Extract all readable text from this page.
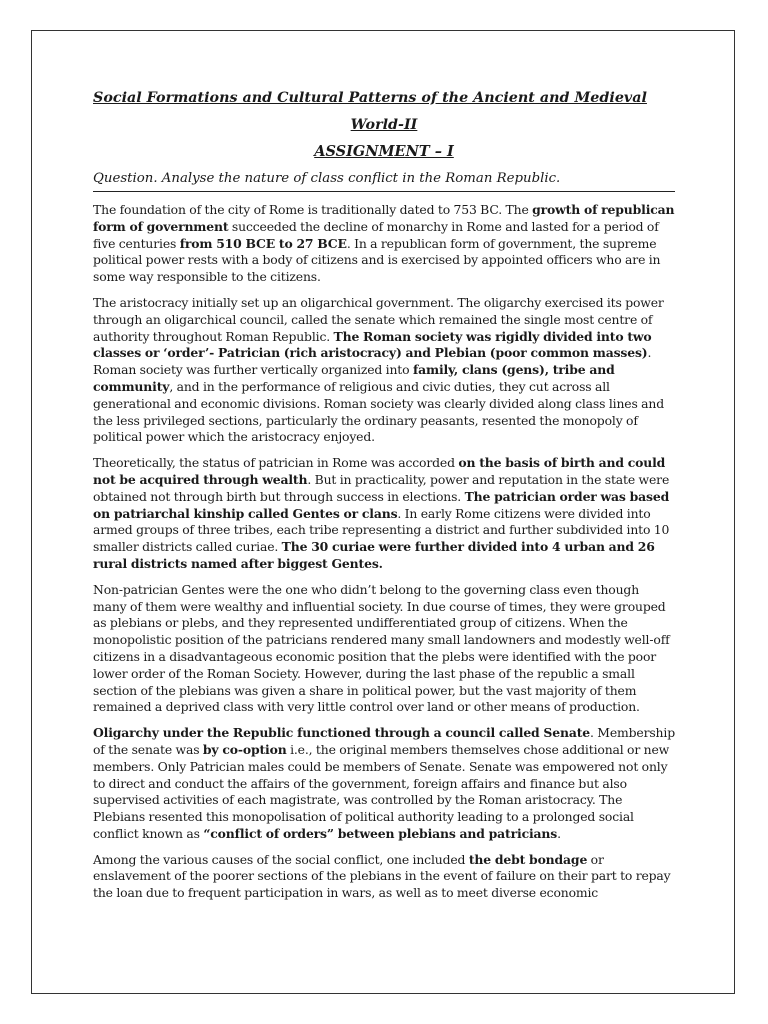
Social Formations and Cultural Patterns of the Ancient and Medieval
World-II
ASSIGNMENT – I
Question. Analyse the nature of class conflict in the Roman Republic.

The foundation of the city of Rome is traditionally dated to 753 BC. The growth of republican form of government succeeded the decline of monarchy in Rome and lasted for a period of five centuries from 510 BCE to 27 BCE. In a republican form of government, the supreme political power rests with a body of citizens and is exercised by appointed officers who are in some way responsible to the citizens.

The aristocracy initially set up an oligarchical government. The oligarchy exercised its power through an oligarchical council, called the senate which remained the single most centre of authority throughout Roman Republic. The Roman society was rigidly divided into two classes or ‘order’- Patrician (rich aristocracy) and Plebian (poor common masses). Roman society was further vertically organized into family, clans (gens), tribe and community, and in the performance of religious and civic duties, they cut across all generational and economic divisions. Roman society was clearly divided along class lines and the less privileged sections, particularly the ordinary peasants, resented the monopoly of political power which the aristocracy enjoyed.

Theoretically, the status of patrician in Rome was accorded on the basis of birth and could not be acquired through wealth. But in practicality, power and reputation in the state were obtained not through birth but through success in elections. The patrician order was based on patriarchal kinship called Gentes or clans. In early Rome citizens were divided into armed groups of three tribes, each tribe representing a district and further subdivided into 10 smaller districts called curiae. The 30 curiae were further divided into 4 urban and 26 rural districts named after biggest Gentes.

Non-patrician Gentes were the one who didn’t belong to the governing class even though many of them were wealthy and influential society. In due course of times, they were grouped as plebians or plebs, and they represented undifferentiated group of citizens. When the monopolistic position of the patricians rendered many small landowners and modestly well-off citizens in a disadvantageous economic position that the plebs were identified with the poor lower order of the Roman Society. However, during the last phase of the republic a small section of the plebians was given a share in political power, but the vast majority of them remained a deprived class with very little control over land or other means of production.

Oligarchy under the Republic functioned through a council called Senate. Membership of the senate was by co-option i.e., the original members themselves chose additional or new members. Only Patrician males could be members of Senate. Senate was empowered not only to direct and conduct the affairs of the government, foreign affairs and finance but also supervised activities of each magistrate, was controlled by the Roman aristocracy. The Plebians resented this monopolisation of political authority leading to a prolonged social conflict known as “conflict of orders” between plebians and patricians.

Among the various causes of the social conflict, one included the debt bondage or enslavement of the poorer sections of the plebians in the event of failure on their part to repay the loan due to frequent participation in wars, as well as to meet diverse economic
